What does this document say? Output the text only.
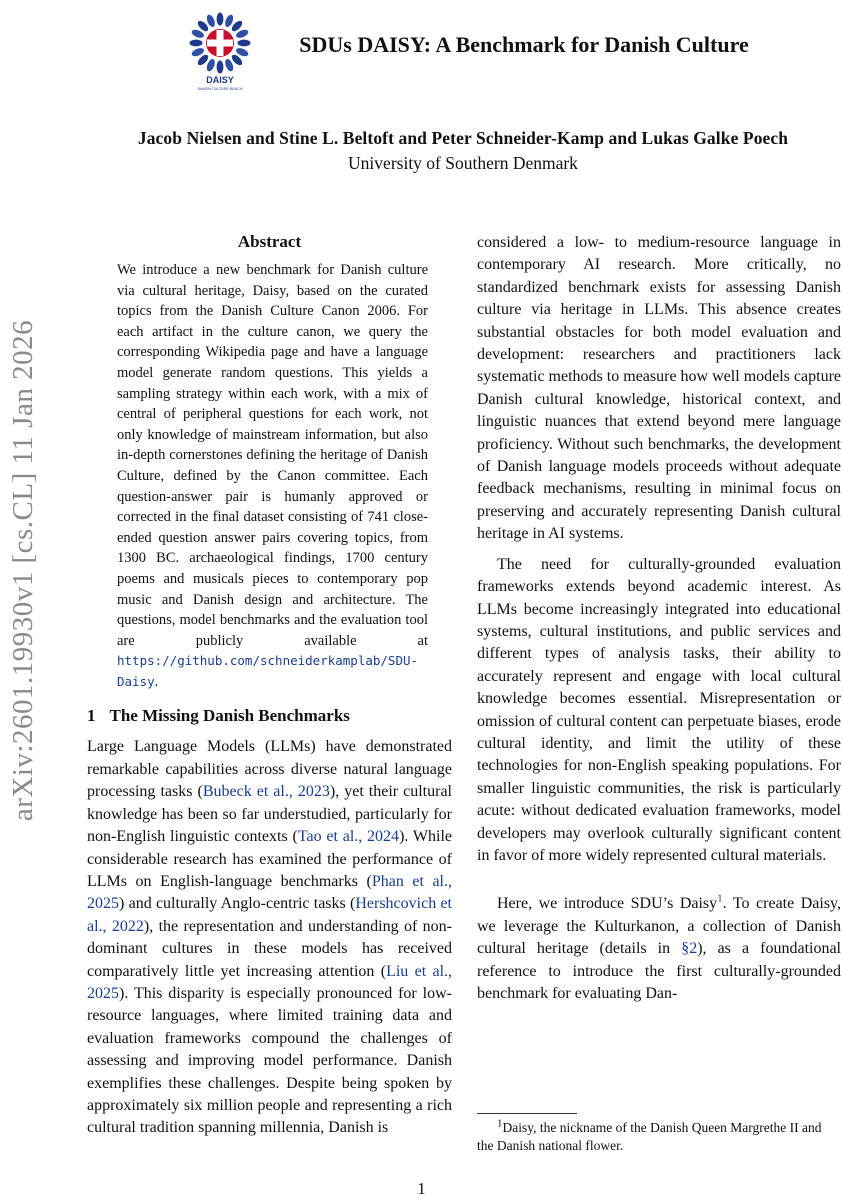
arXiv:2601.19930v1 [cs.CL] 11 Jan 2026
DAISY
DANISH CULTURE BENCH
SDUs DAISY: A Benchmark for Danish Culture
Jacob Nielsen and Stine L. Beltoft and Peter Schneider-Kamp and Lukas Galke Poech
University of Southern Denmark
Abstract

We introduce a new benchmark for Danish culture via cultural heritage, Daisy, based on the curated topics from the Danish Culture Canon 2006. For each artifact in the culture canon, we query the corresponding Wikipedia page and have a language model generate random questions. This yields a sampling strategy within each work, with a mix of central of peripheral questions for each work, not only knowledge of mainstream information, but also in-depth cornerstones defining the heritage of Danish Culture, defined by the Canon committee. Each question-answer pair is humanly approved or corrected in the final dataset consisting of 741 close-ended question answer pairs covering topics, from 1300 BC. archaeological findings, 1700 century poems and musicals pieces to contemporary pop music and Danish design and architecture. The questions, model benchmarks and the evaluation tool are publicly available at https://github.com/schneiderkamplab/SDU-Daisy.

1 The Missing Danish Benchmarks

Large Language Models (LLMs) have demonstrated remarkable capabilities across diverse natural language processing tasks (Bubeck et al., 2023), yet their cultural knowledge has been so far understudied, particularly for non-English linguistic contexts (Tao et al., 2024). While considerable research has examined the performance of LLMs on English-language benchmarks (Phan et al., 2025) and culturally Anglo-centric tasks (Hershcovich et al., 2022), the representation and understanding of non-dominant cultures in these models has received comparatively little yet increasing attention (Liu et al., 2025). This disparity is especially pronounced for low-resource languages, where limited training data and evaluation frameworks compound the challenges of assessing and improving model performance. Danish exemplifies these challenges. Despite being spoken by approximately six million people and representing a rich cultural tradition spanning millennia, Danish is

considered a low- to medium-resource language in contemporary AI research. More critically, no standardized benchmark exists for assessing Danish culture via heritage in LLMs. This absence creates substantial obstacles for both model evaluation and development: researchers and practitioners lack systematic methods to measure how well models capture Danish cultural knowledge, historical context, and linguistic nuances that extend beyond mere language proficiency. Without such benchmarks, the development of Danish language models proceeds without adequate feedback mechanisms, resulting in minimal focus on preserving and accurately representing Danish cultural heritage in AI systems.

The need for culturally-grounded evaluation frameworks extends beyond academic interest. As LLMs become increasingly integrated into educational systems, cultural institutions, and public services and different types of analysis tasks, their ability to accurately represent and engage with local cultural knowledge becomes essential. Misrepresentation or omission of cultural content can perpetuate biases, erode cultural identity, and limit the utility of these technologies for non-English speaking populations. For smaller linguistic communities, the risk is particularly acute: without dedicated evaluation frameworks, model developers may overlook culturally significant content in favor of more widely represented cultural materials.

Here, we introduce SDU’s Daisy$^1$. To create Daisy, we leverage the Kulturkanon, a collection of Danish cultural heritage (details in §2), as a foundational reference to introduce the first culturally-grounded benchmark for evaluating Dan-

$^1$Daisy, the nickname of the Danish Queen Margrethe II and the Danish national flower.
1
